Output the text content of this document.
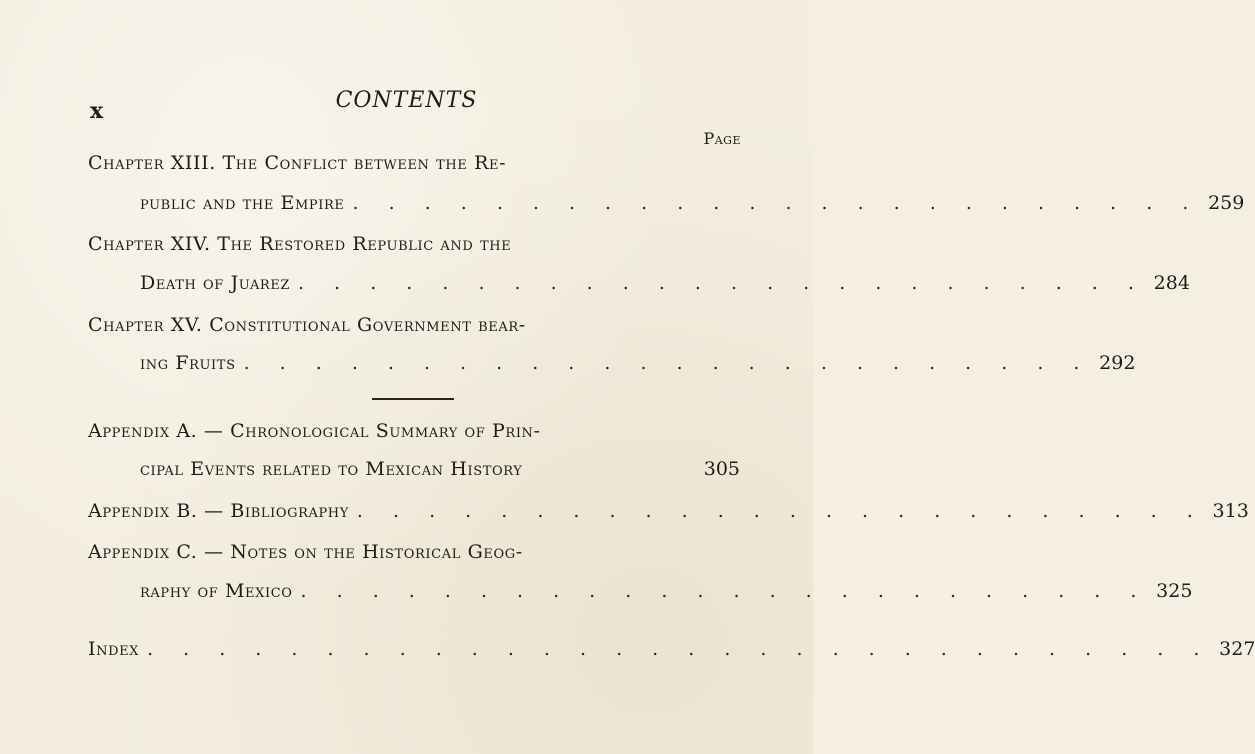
x	CONTENTS
Page
Chapter XIII. The Conflict between the Re-
public and the Empire . . . . . . . . . . . . . . . . . . . . . . . . 259
Chapter XIV. The Restored Republic and the
Death of Juarez . . . . . . . . . . . . . . . . . . . . . . . . 284
Chapter XV. Constitutional Government bear-
ing Fruits . . . . . . . . . . . . . . . . . . . . . . . . 292
Appendix A. — Chronological Summary of Prin-
cipal Events related to Mexican History	305
Appendix B. — Bibliography . . . . . . . . . . . . . . . . . . . . . . . . 313
Appendix C. — Notes on the Historical Geog-
raphy of Mexico . . . . . . . . . . . . . . . . . . . . . . . . 325
Index . . . . . . . . . . . . . . . . . . . . . . . . . . . . . . 327
